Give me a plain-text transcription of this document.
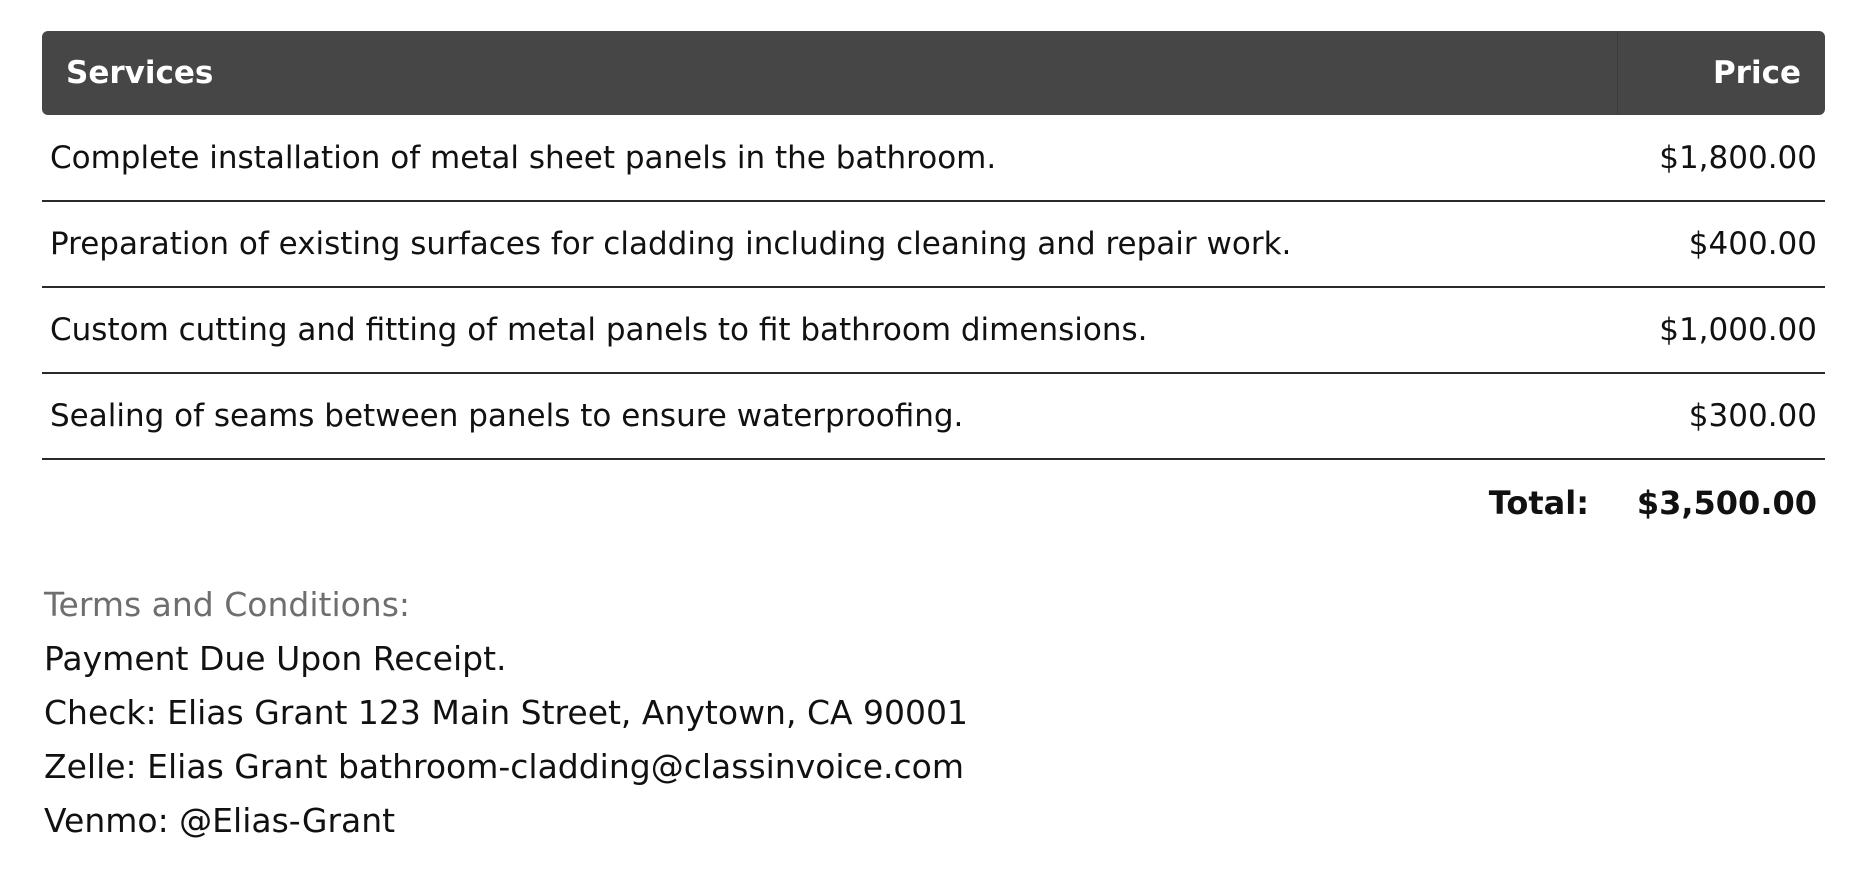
Services	Price
Complete installation of metal sheet panels in the bathroom.	$1,800.00
Preparation of existing surfaces for cladding including cleaning and repair work.	$400.00
Custom cutting and fitting of metal panels to fit bathroom dimensions.	$1,000.00
Sealing of seams between panels to ensure waterproofing.	$300.00
Total:	$3,500.00
Terms and Conditions:
Payment Due Upon Receipt.
Check: Elias Grant 123 Main Street, Anytown, CA 90001
Zelle: Elias Grant bathroom-cladding@classinvoice.com
Venmo: @Elias-Grant
